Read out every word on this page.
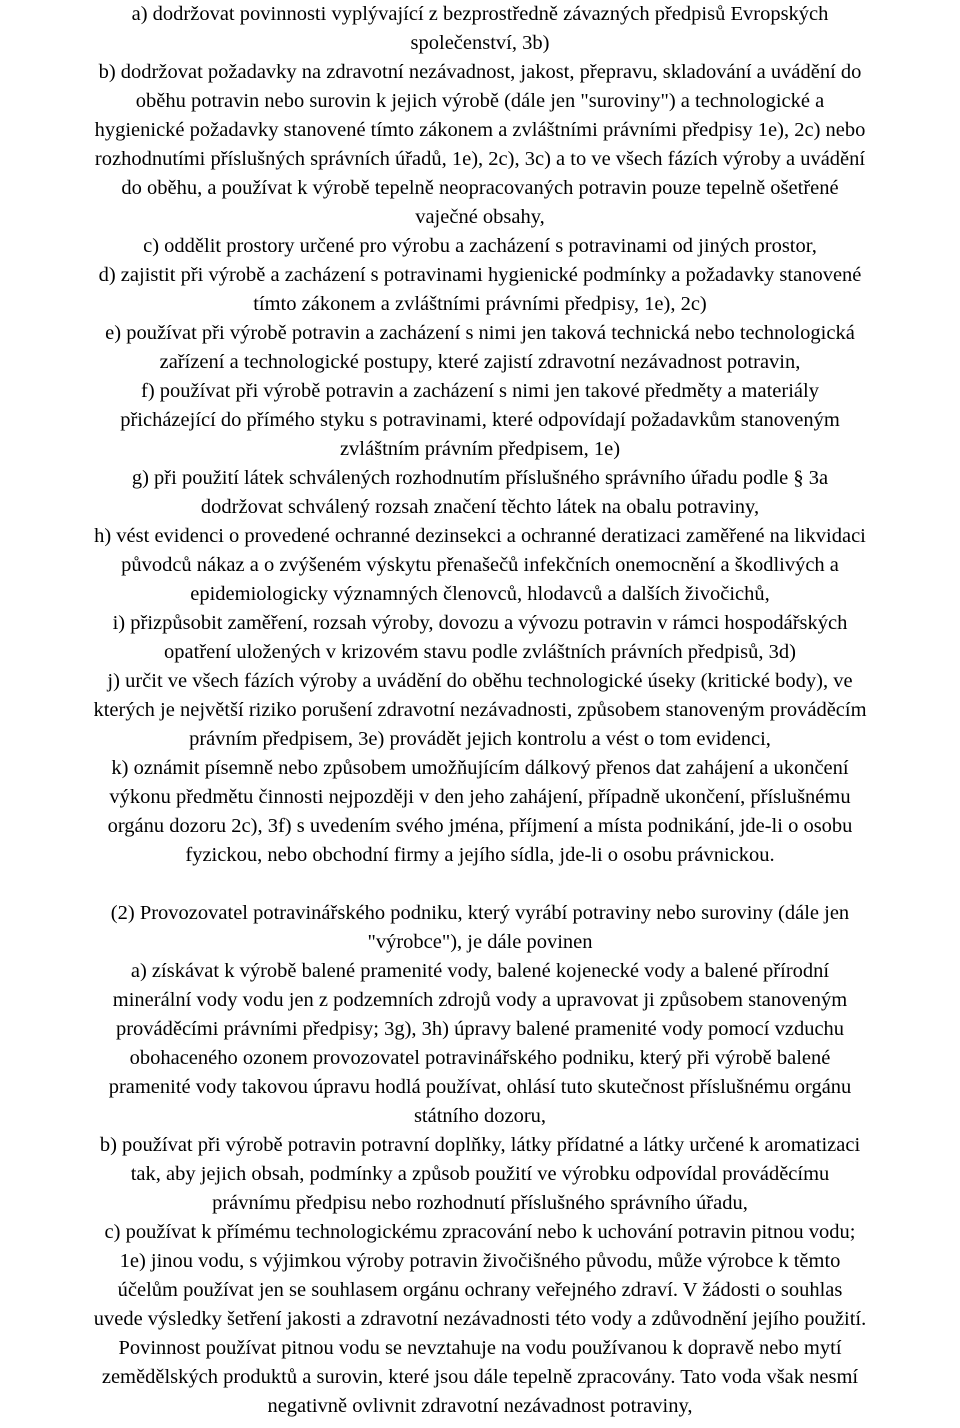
a) dodržovat povinnosti vyplývající z bezprostředně závazných předpisů Evropských
společenství, 3b)
b) dodržovat požadavky na zdravotní nezávadnost, jakost, přepravu, skladování a uvádění do
oběhu potravin nebo surovin k jejich výrobě (dále jen "suroviny") a technologické a
hygienické požadavky stanovené tímto zákonem a zvláštními právními předpisy 1e), 2c) nebo
rozhodnutími příslušných správních úřadů, 1e), 2c), 3c) a to ve všech fázích výroby a uvádění
do oběhu, a používat k výrobě tepelně neopracovaných potravin pouze tepelně ošetřené
vaječné obsahy,
c) oddělit prostory určené pro výrobu a zacházení s potravinami od jiných prostor,
d) zajistit při výrobě a zacházení s potravinami hygienické podmínky a požadavky stanovené
tímto zákonem a zvláštními právními předpisy, 1e), 2c)
e) používat při výrobě potravin a zacházení s nimi jen taková technická nebo technologická
zařízení a technologické postupy, které zajistí zdravotní nezávadnost potravin,
f) používat při výrobě potravin a zacházení s nimi jen takové předměty a materiály
přicházející do přímého styku s potravinami, které odpovídají požadavkům stanoveným
zvláštním právním předpisem, 1e)
g) při použití látek schválených rozhodnutím příslušného správního úřadu podle § 3a
dodržovat schválený rozsah značení těchto látek na obalu potraviny,
h) vést evidenci o provedené ochranné dezinsekci a ochranné deratizaci zaměřené na likvidaci
původců nákaz a o zvýšeném výskytu přenašečů infekčních onemocnění a škodlivých a
epidemiologicky významných členovců, hlodavců a dalších živočichů,
i) přizpůsobit zaměření, rozsah výroby, dovozu a vývozu potravin v rámci hospodářských
opatření uložených v krizovém stavu podle zvláštních právních předpisů, 3d)
j) určit ve všech fázích výroby a uvádění do oběhu technologické úseky (kritické body), ve
kterých je největší riziko porušení zdravotní nezávadnosti, způsobem stanoveným prováděcím
právním předpisem, 3e) provádět jejich kontrolu a vést o tom evidenci,
k) oznámit písemně nebo způsobem umožňujícím dálkový přenos dat zahájení a ukončení
výkonu předmětu činnosti nejpozději v den jeho zahájení, případně ukončení, příslušnému
orgánu dozoru 2c), 3f) s uvedením svého jména, příjmení a místa podnikání, jde-li o osobu
fyzickou, nebo obchodní firmy a jejího sídla, jde-li o osobu právnickou.
(2) Provozovatel potravinářského podniku, který vyrábí potraviny nebo suroviny (dále jen
"výrobce"), je dále povinen
a) získávat k výrobě balené pramenité vody, balené kojenecké vody a balené přírodní
minerální vody vodu jen z podzemních zdrojů vody a upravovat ji způsobem stanoveným
prováděcími právními předpisy; 3g), 3h) úpravy balené pramenité vody pomocí vzduchu
obohaceného ozonem provozovatel potravinářského podniku, který při výrobě balené
pramenité vody takovou úpravu hodlá používat, ohlásí tuto skutečnost příslušnému orgánu
státního dozoru,
b) používat při výrobě potravin potravní doplňky, látky přídatné a látky určené k aromatizaci
tak, aby jejich obsah, podmínky a způsob použití ve výrobku odpovídal prováděcímu
právnímu předpisu nebo rozhodnutí příslušného správního úřadu,
c) používat k přímému technologickému zpracování nebo k uchování potravin pitnou vodu;
1e) jinou vodu, s výjimkou výroby potravin živočišného původu, může výrobce k těmto
účelům používat jen se souhlasem orgánu ochrany veřejného zdraví. V žádosti o souhlas
uvede výsledky šetření jakosti a zdravotní nezávadnosti této vody a zdůvodnění jejího použití.
Povinnost používat pitnou vodu se nevztahuje na vodu používanou k dopravě nebo mytí
zemědělských produktů a surovin, které jsou dále tepelně zpracovány. Tato voda však nesmí
negativně ovlivnit zdravotní nezávadnost potraviny,
